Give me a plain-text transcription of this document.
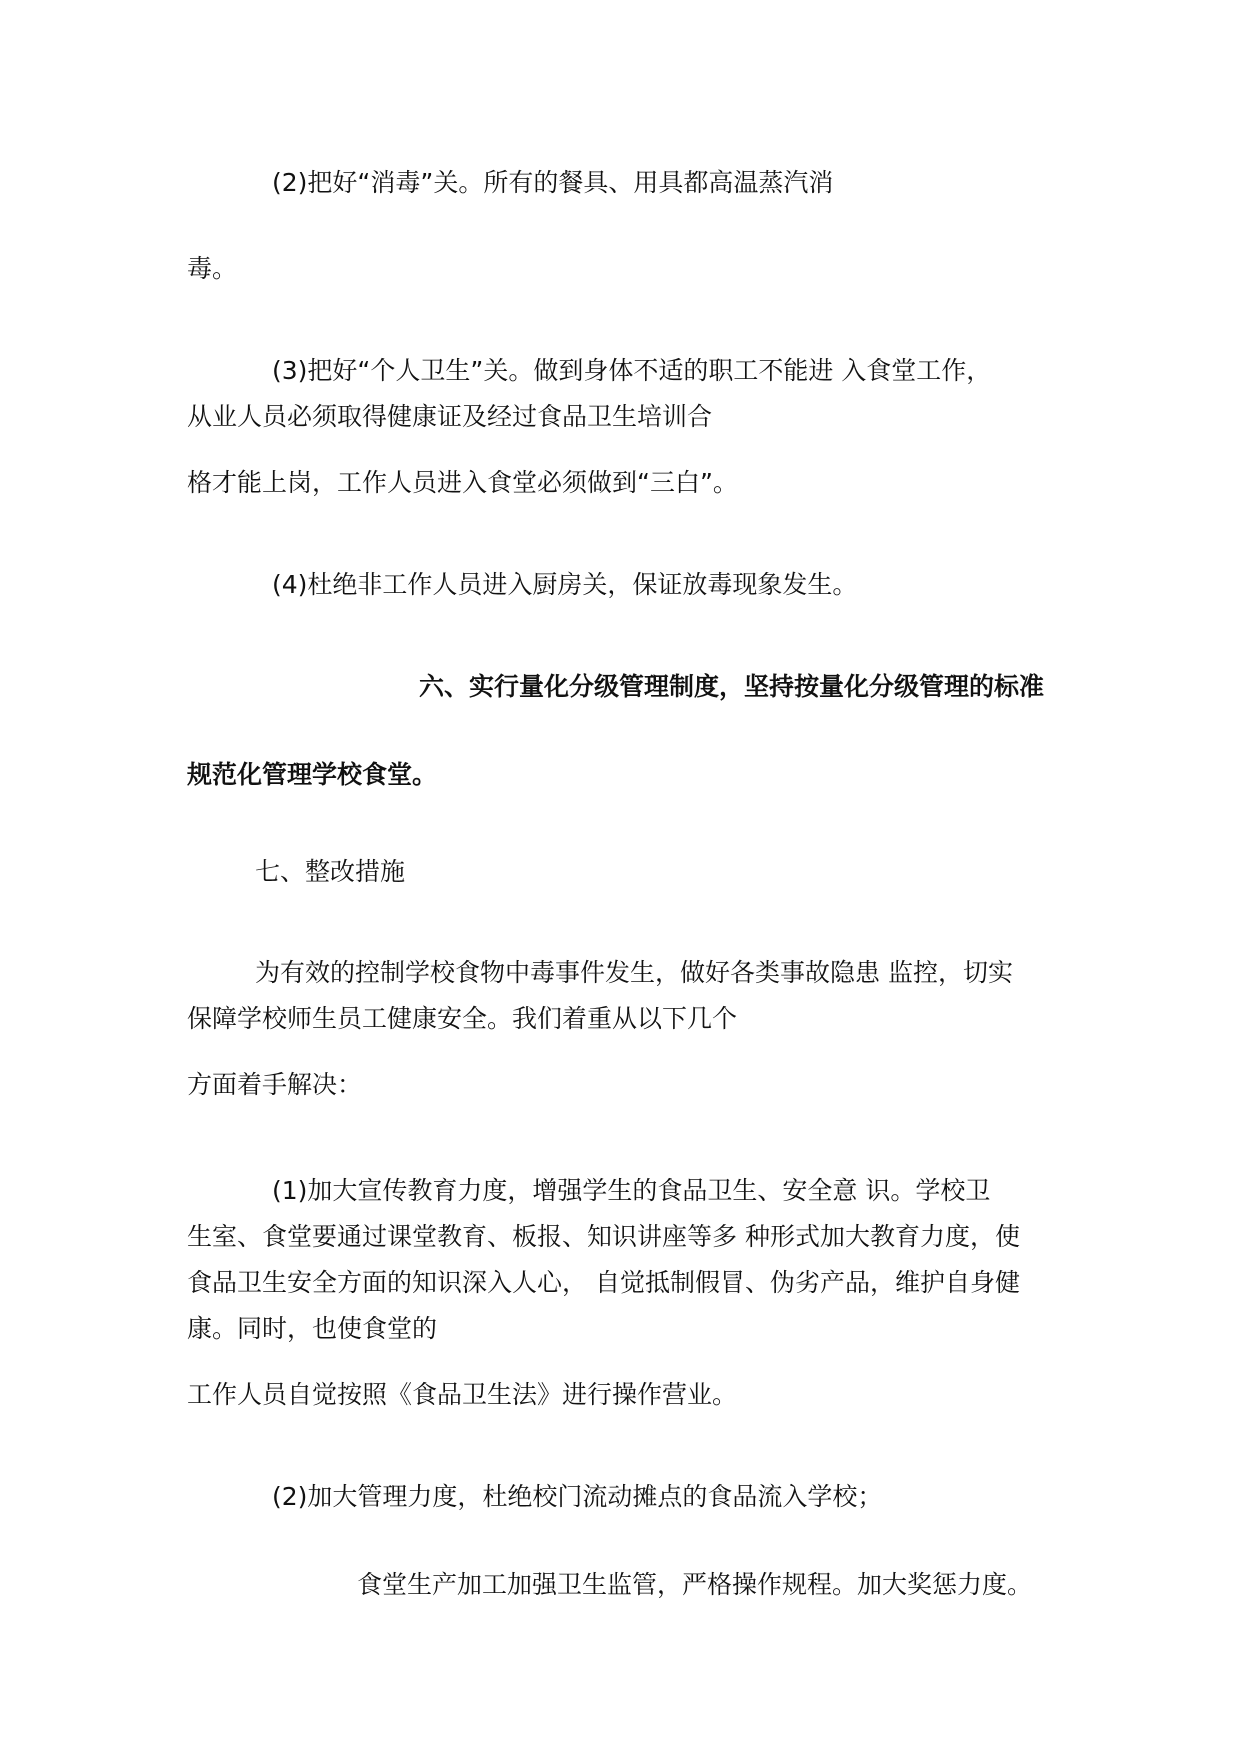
(2)把好“消毒”关。所有的餐具、用具都高温蒸汽消
毒。
(3)把好“个人卫生”关。做到身体不适的职工不能进 入食堂工作，
从业人员必须取得健康证及经过食品卫生培训合
格才能上岗，工作人员进入食堂必须做到“三白”。
(4)杜绝非工作人员进入厨房关，保证放毒现象发生。
六、实行量化分级管理制度，坚持按量化分级管理的标准
规范化管理学校食堂。
七、整改措施
为有效的控制学校食物中毒事件发生，做好各类事故隐患 监控，切实
保障学校师生员工健康安全。我们着重从以下几个
方面着手解决：
(1)加大宣传教育力度，增强学生的食品卫生、安全意 识。学校卫
生室、食堂要通过课堂教育、板报、知识讲座等多 种形式加大教育力度，使
食品卫生安全方面的知识深入人心， 自觉抵制假冒、伪劣产品，维护自身健
康。同时，也使食堂的
工作人员自觉按照《食品卫生法》进行操作营业。
(2)加大管理力度，杜绝校门流动摊点的食品流入学校；
食堂生产加工加强卫生监管，严格操作规程。加大奖惩力度。
